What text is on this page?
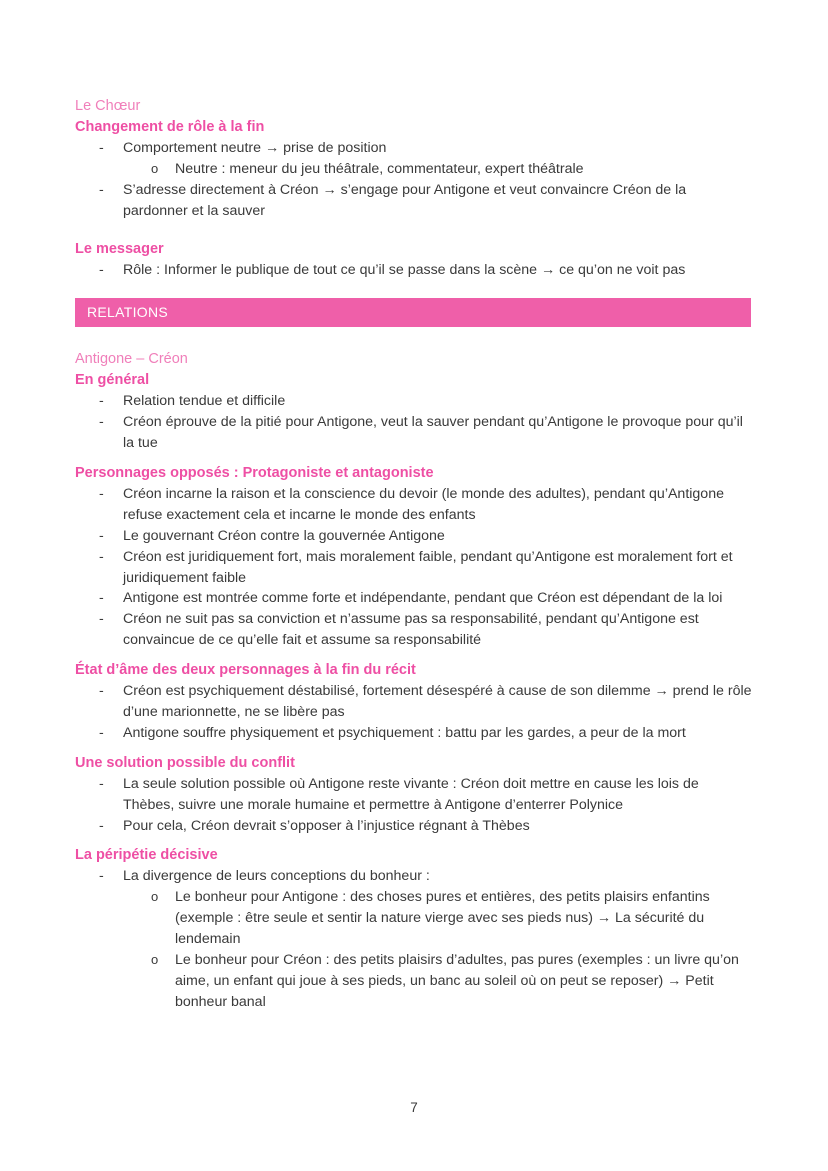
Le Chœur
Changement de rôle à la fin
- Comportement neutre → prise de position
o Neutre : meneur du jeu théâtrale, commentateur, expert théâtrale
- S’adresse directement à Créon → s’engage pour Antigone et veut convaincre Créon de la pardonner et la sauver
Le messager
- Rôle : Informer le publique de tout ce qu’il se passe dans la scène → ce qu’on ne voit pas
RELATIONS
Antigone – Créon
En général
- Relation tendue et difficile
- Créon éprouve de la pitié pour Antigone, veut la sauver pendant qu’Antigone le provoque pour qu’il la tue
Personnages opposés : Protagoniste et antagoniste
- Créon incarne la raison et la conscience du devoir (le monde des adultes), pendant qu’Antigone refuse exactement cela et incarne le monde des enfants
- Le gouvernant Créon contre la gouvernée Antigone
- Créon est juridiquement fort, mais moralement faible, pendant qu’Antigone est moralement fort et juridiquement faible
- Antigone est montrée comme forte et indépendante, pendant que Créon est dépendant de la loi
- Créon ne suit pas sa conviction et n’assume pas sa responsabilité, pendant qu’Antigone est convaincue de ce qu’elle fait et assume sa responsabilité
État d’âme des deux personnages à la fin du récit
- Créon est psychiquement déstabilisé, fortement désespéré à cause de son dilemme → prend le rôle d’une marionnette, ne se libère pas
- Antigone souffre physiquement et psychiquement : battu par les gardes, a peur de la mort
Une solution possible du conflit
- La seule solution possible où Antigone reste vivante : Créon doit mettre en cause les lois de Thèbes, suivre une morale humaine et permettre à Antigone d’enterrer Polynice
- Pour cela, Créon devrait s’opposer à l’injustice régnant à Thèbes
La péripétie décisive
- La divergence de leurs conceptions du bonheur :
o Le bonheur pour Antigone : des choses pures et entières, des petits plaisirs enfantins (exemple : être seule et sentir la nature vierge avec ses pieds nus) → La sécurité du lendemain
o Le bonheur pour Créon : des petits plaisirs d’adultes, pas pures (exemples : un livre qu’on aime, un enfant qui joue à ses pieds, un banc au soleil où on peut se reposer) → Petit bonheur banal
7
